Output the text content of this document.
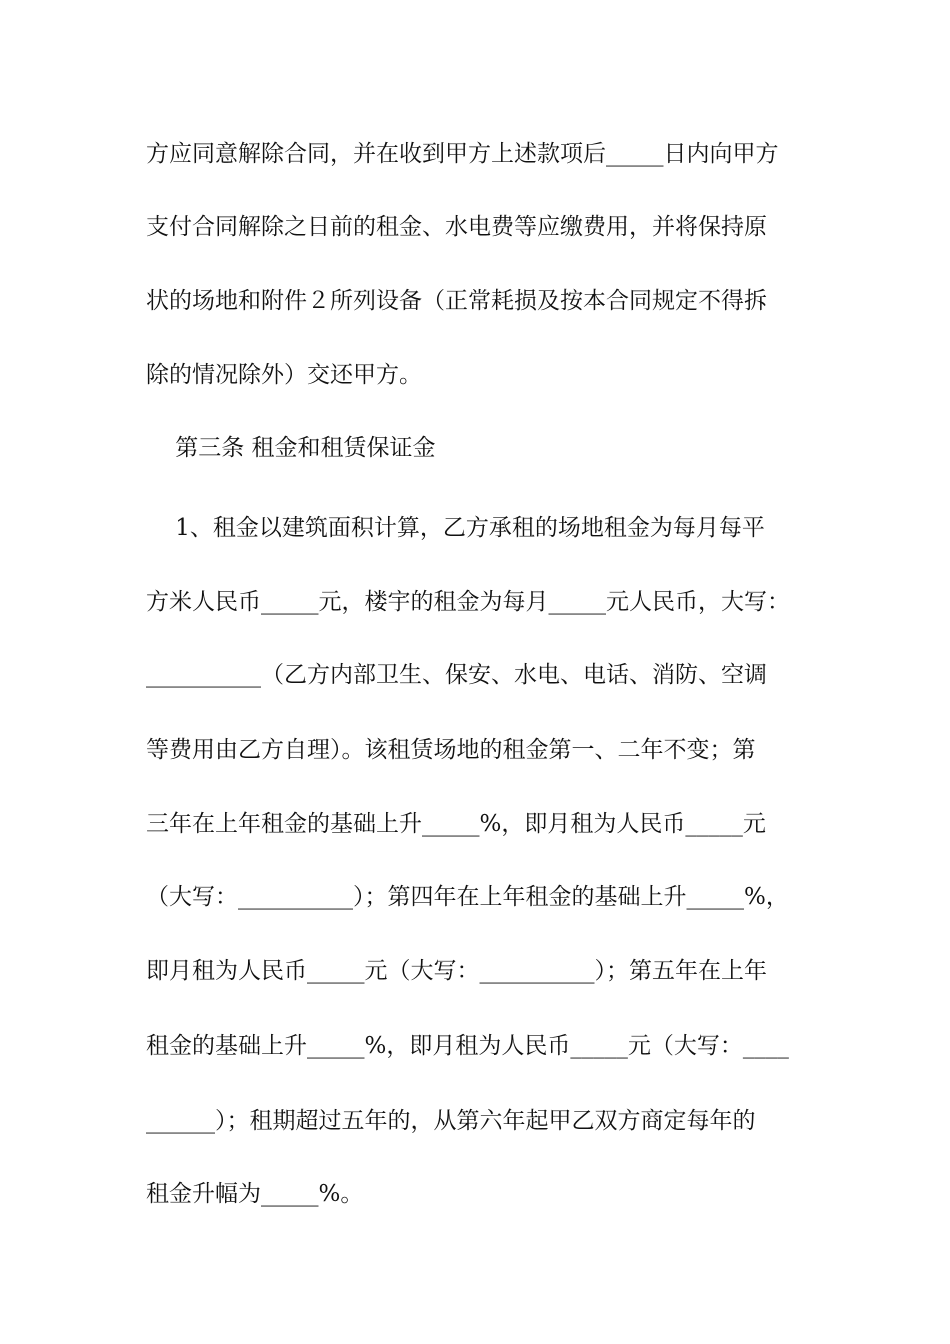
方应同意解除合同，并在收到甲方上述款项后_____日内向甲方
支付合同解除之日前的租金、水电费等应缴费用，并将保持原
状的场地和附件２所列设备（正常耗损及按本合同规定不得拆
除的情况除外）交还甲方。
第三条 租金和租赁保证金
1、租金以建筑面积计算，乙方承租的场地租金为每月每平
方米人民币_____元，楼宇的租金为每月_____元人民币，大写：
__________（乙方内部卫生、保安、水电、电话、消防、空调
等费用由乙方自理）。该租赁场地的租金第一、二年不变；第
三年在上年租金的基础上升_____%，即月租为人民币_____元
（大写：__________）；第四年在上年租金的基础上升_____%，
即月租为人民币_____元（大写：__________）；第五年在上年
租金的基础上升_____%，即月租为人民币_____元（大写：____
______）；租期超过五年的，从第六年起甲乙双方商定每年的
租金升幅为_____%。
